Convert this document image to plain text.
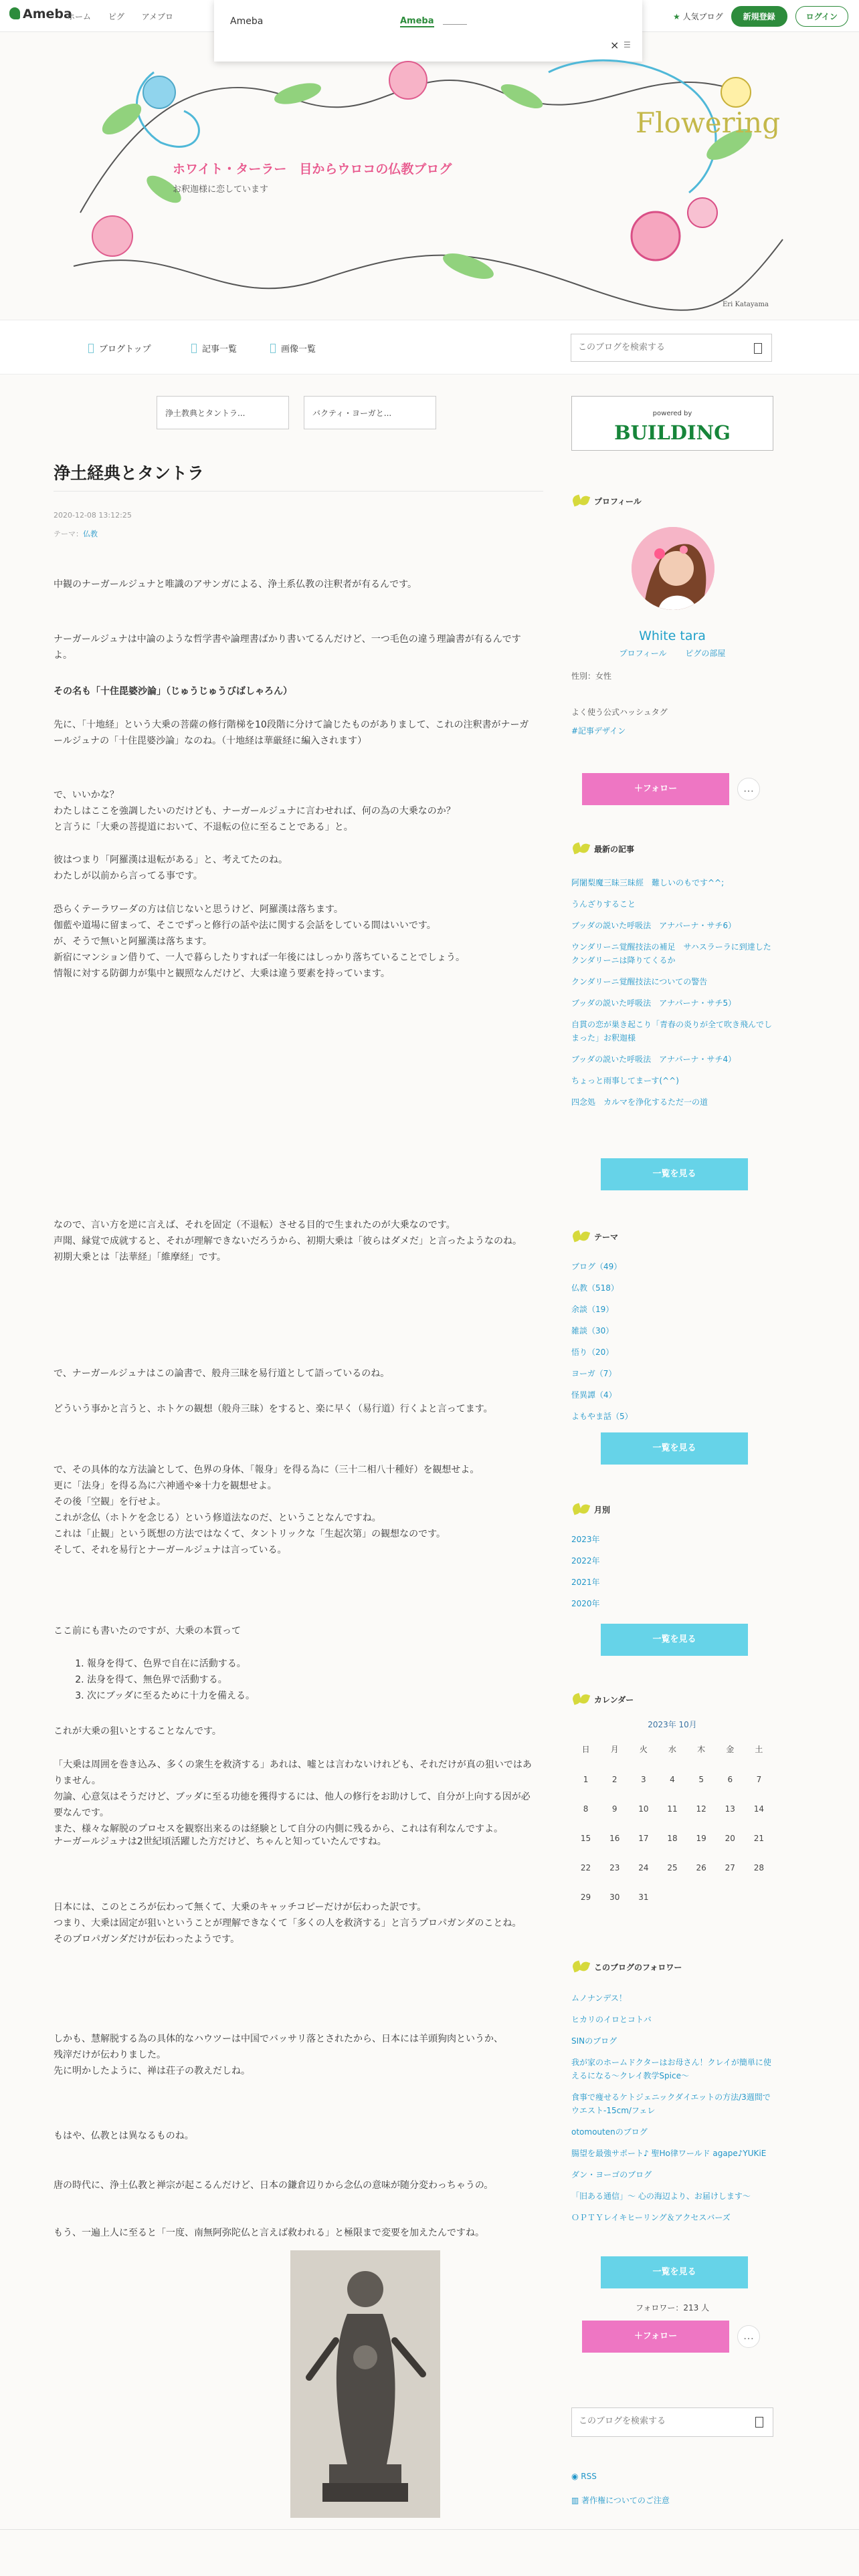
Ameba
ホーム ピグ アメブロ	★ 人気ブログ	新規登録	ログイン
Ameba	Ameba
× ☰
Flowering
Eri Katayama
ホワイト・ターラー　目からウロコの仏教ブログ
お釈迦様に恋しています
ブログトップ	記事一覧	画像一覧
このブログを検索する
浄土教典とタントラ...	バクティ・ヨーガと...
浄土経典とタントラ
2020-12-08 13:12:25
テーマ：仏教

中観のナーガールジュナと唯識のアサンガによる、浄土系仏教の注釈者が有るんです。

ナーガールジュナは中論のような哲学書や論理書ばかり書いてるんだけど、一つ毛色の違う理論書が有るんですよ。

その名も「十住毘婆沙論」（じゅうじゅうびばしゃろん）

先に、「十地経」という大乗の菩薩の修行階梯を10段階に分けて論じたものがありまして、これの注釈書がナーガールジュナの「十住毘婆沙論」なのね。（十地経は華厳経に編入されます）

で、いいかな？
わたしはここを強調したいのだけども、ナーガールジュナに言わせれば、何の為の大乗なのか？
と言うに「大乗の菩提道において、不退転の位に至ることである」と。

彼はつまり「阿羅漢は退転がある」と、考えてたのね。
わたしが以前から言ってる事です。

恐らくテーラワーダの方は信じないと思うけど、阿羅漢は落ちます。
伽藍や道場に留まって、そこでずっと修行の話や法に関する会話をしている間はいいです。
が、そうで無いと阿羅漢は落ちます。
新宿にマンション借りて、一人で暮らしたりすれば一年後にはしっかり落ちていることでしょう。
情報に対する防御力が集中と観照なんだけど、大乗は違う要素を持っています。

なので、言い方を逆に言えば、それを固定（不退転）させる目的で生まれたのが大乗なのです。
声聞、縁覚で成就すると、それが理解できないだろうから、初期大乗は「彼らはダメだ」と言ったようなのね。
初期大乗とは「法華経」「維摩経」です。

で、ナーガールジュナはこの論書で、般舟三昧を易行道として語っているのね。

どういう事かと言うと、ホトケの観想（般舟三昧）をすると、楽に早く（易行道）行くよと言ってます。

で、その具体的な方法論として、色界の身体、「報身」を得る為に（三十二相八十種好）を観想せよ。
更に「法身」を得る為に六神通や※十力を観想せよ。
その後「空観」を行せよ。
これが念仏（ホトケを念じる）という修道法なのだ、ということなんですね。
これは「止観」という既想の方法ではなくて、タントリックな「生起次第」の観想なのです。
そして、それを易行とナーガールジュナは言っている。

ここ前にも書いたのですが、大乗の本質って

1. 報身を得て、色界で自在に活動する。
2. 法身を得て、無色界で活動する。
3. 次にブッダに至るために十力を備える。

これが大乗の狙いとすることなんです。

「大乗は周囲を巻き込み、多くの衆生を救済する」あれは、嘘とは言わないけれども、それだけが真の狙いではありません。
勿論、心意気はそうだけど、ブッダに至る功徳を獲得するには、他人の修行をお助けして、自分が上向する因が必要なんです。
また、様々な解脱のプロセスを観察出来るのは経験として自分の内側に残るから、これは有利なんですよ。

ナーガールジュナは2世紀頃活躍した方だけど、ちゃんと知っていたんですね。

日本には、このところが伝わって無くて、大乗のキャッチコピーだけが伝わった訳です。
つまり、大乗は固定が狙いということが理解できなくて「多くの人を救済する」と言うプロパガンダのことね。
そのプロパガンダだけが伝わったようです。

しかも、慧解脱する為の具体的なハウツーは中国でバッサリ落とされたから、日本には羊頭狗肉というか、
残滓だけが伝わりました。
先に明かしたように、禅は荘子の教えだしね。

もはや、仏教とは異なるものね。

唐の時代に、浄土仏教と禅宗が起こるんだけど、日本の鎌倉辺りから念仏の意味が随分変わっちゃうの。

もう、一遍上人に至ると「一度、南無阿弥陀仏と言えば救われる」と極限まで変要を加えたんですね。

powered by
BUILDING
プロフィール
White tara
プロフィール ピグの部屋
性別：女性
よく使う公式ハッシュタグ
#記事デザイン
＋フォロー	…
最新の記事
阿闍梨魔三昧三昧經　難しいのもです^^;
うんざりすること
ブッダの説いた呼吸法　アナパーナ・サチ6）
ウンダリーニ覚醒技法の補足　サハスラーラに到達したクンダリーニは降りてくるか
クンダリーニ覚醒技法についての警告
ブッダの説いた呼吸法　アナパーナ・サチ5）
自貫の恋が巣き起こり「青春の炎りが全て吹き飛んでしまった」お釈迦様
ブッダの説いた呼吸法　アナパーナ・サチ4）
ちょっと雨事してまーす(^^)
四念処　カルマを浄化するただ一の道
一覧を見る
テーマ
ブログ（49）
仏教（518）
余談（19）
雑談（30）
悟り（20）
ヨーガ（7）
怪異譚（4）
よもやま話（5）
一覧を見る
月別
2023年
2022年
2021年
2020年
一覧を見る
カレンダー
2023年 10月
日	月	火	水	木	金	土
1	2	3	4	5	6	7
8	9	10	11	12	13	14
15	16	17	18	19	20	21
22	23	24	25	26	27	28
29	30	31
このブログのフォロワー
ムノナンデス！
ヒカリのイロとコトバ
SINのブログ
我が家のホームドクターはお母さん！クレイが簡単に使えるになる〜クレイ教学Spice〜
食事で痩せるケトジェニックダイエットの方法/3週間でウエスト-15cm/フェレ
otomoutenのブログ
腸望を最強サポート♪ 聖Ho律ワールド agape♪YUKiE
ダン・ヨーゴのブログ
「旧ある通信」〜 心の海辺より、お届けします〜
ＯＰＴＹレイキヒーリング＆アクセスバーズ
一覧を見る
フォロワー：213 人
＋フォロー	…
このブログを検索する
◉ RSS
▥ 著作権についてのご注意
